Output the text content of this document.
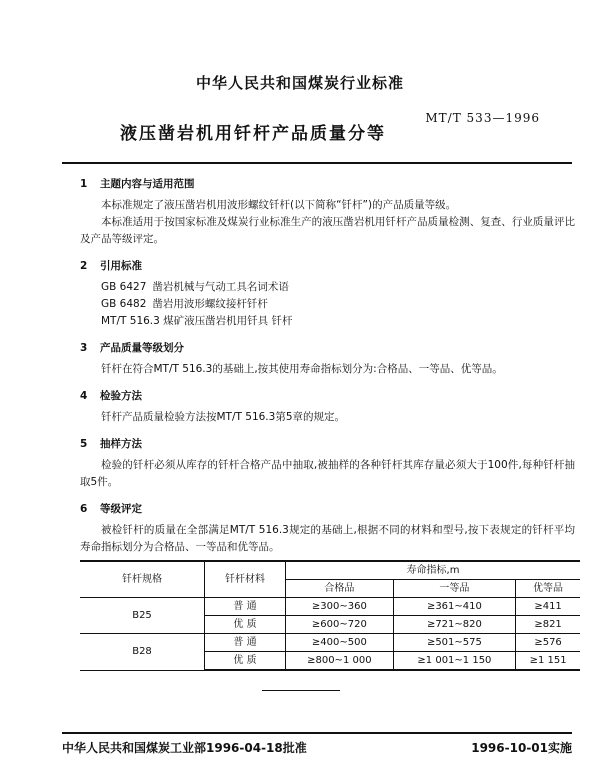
中华人民共和国煤炭行业标准
液压凿岩机用钎杆产品质量分等
MT/T 533—1996
1 主题内容与适用范围

本标准规定了液压凿岩机用波形螺纹钎杆(以下简称“钎杆”)的产品质量等级。

本标准适用于按国家标准及煤炭行业标准生产的液压凿岩机用钎杆产品质量检测、复查、行业质量评比及产品等级评定。

2 引用标准

GB 6427 凿岩机械与气动工具名词术语

GB 6482 凿岩用波形螺纹接杆钎杆

MT/T 516.3 煤矿液压凿岩机用钎具 钎杆

3 产品质量等级划分

钎杆在符合MT/T 516.3的基础上,按其使用寿命指标划分为:合格品、一等品、优等品。

4 检验方法

钎杆产品质量检验方法按MT/T 516.3第5章的规定。

5 抽样方法

检验的钎杆必须从库存的钎杆合格产品中抽取,被抽样的各种钎杆其库存量必须大于100件,每种钎杆抽取5件。

6 等级评定

被检钎杆的质量在全部满足MT/T 516.3规定的基础上,根据不同的材料和型号,按下表规定的钎杆平均寿命指标划分为合格品、一等品和优等品。

钎杆规格	钎杆材料	寿命指标,m		
		合格品	一等品	优等品
B25	普 通	≥300~360	≥361~410	≥411
	优 质	≥600~720	≥721~820	≥821
B28	普 通	≥400~500	≥501~575	≥576
	优 质	≥800~1 000	≥1 001~1 150	≥1 151
中华人民共和国煤炭工业部1996-04-18批准	1996-10-01实施
